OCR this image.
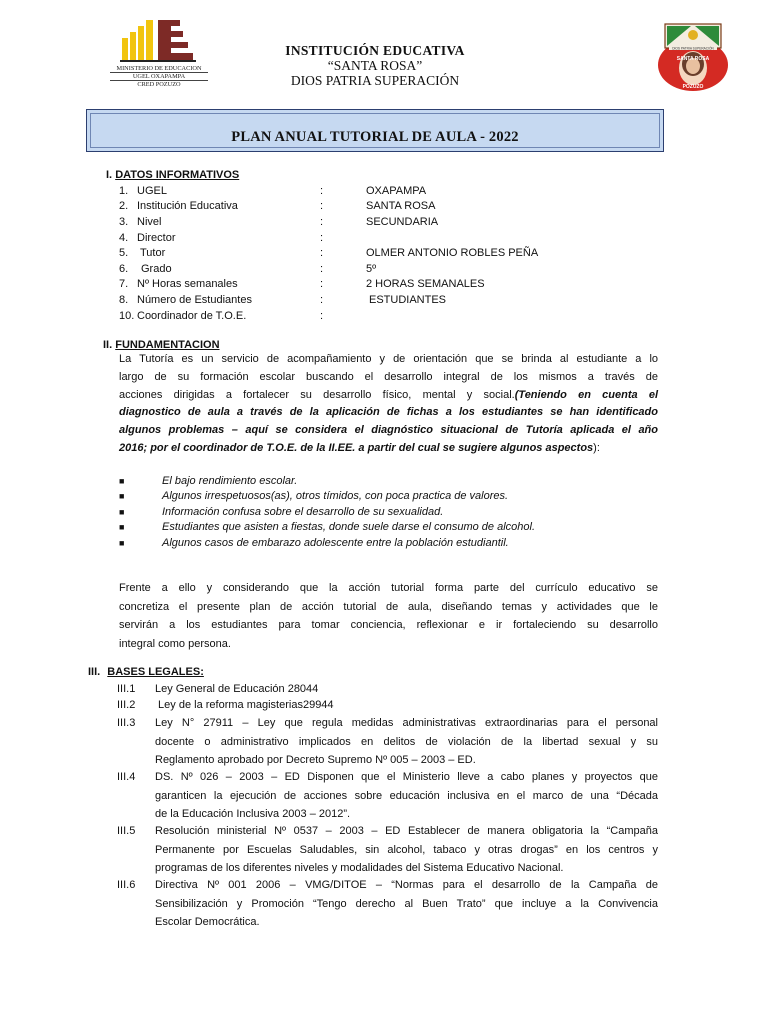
MINISTERIO DE EDUCACION
UGEL OXAPAMPA
CRED POZUZO
INSTITUCIÓN EDUCATIVA
“SANTA ROSA”
DIOS PATRIA SUPERACIÓN
DIOS PATRIA SUPERACIÓN
SANTA ROSA
POZUZO
PLAN ANUAL TUTORIAL DE AULA - 2022
I. DATOS INFORMATIVOS
1. UGEL	:	OXAPAMPA
2. Institución Educativa	:	SANTA ROSA
3. Nivel	:	SECUNDARIA
4. Director	:
5. Tutor	:	OLMER ANTONIO ROBLES PEÑA
6. Grado	:	5º
7. Nº Horas semanales	:	2 HORAS SEMANALES
8. Número de Estudiantes	:	ESTUDIANTES
10. Coordinador de T.O.E.	:
II. FUNDAMENTACION
La Tutoría es un servicio de acompañamiento y de orientación que se brinda al estudiante a lo
largo de su formación escolar buscando el desarrollo integral de los mismos a través de
acciones dirigidas a fortalecer su desarrollo físico, mental y social.(Teniendo en cuenta el
diagnostico de aula a través de la aplicación de fichas a los estudiantes se han identificado
algunos problemas – aquí se considera el diagnóstico situacional de Tutoría aplicada el año
2016; por el coordinador de T.O.E. de la II.EE. a partir del cual se sugiere algunos aspectos):
■	El bajo rendimiento escolar.
■	Algunos irrespetuosos(as), otros tímidos, con poca practica de valores.
■	Información confusa sobre el desarrollo de su sexualidad.
■	Estudiantes que asisten a fiestas, donde suele darse el consumo de alcohol.
■	Algunos casos de embarazo adolescente entre la población estudiantil.
Frente a ello y considerando que la acción tutorial forma parte del currículo educativo se
concretiza el presente plan de acción tutorial de aula, diseñando temas y actividades que le
servirán a los estudiantes para tomar conciencia, reflexionar e ir fortaleciendo su desarrollo
integral como persona.
III. BASES LEGALES:
III.1 Ley General de Educación 28044
III.2 Ley de la reforma magisterias29944
III.3 Ley N° 27911 – Ley que regula medidas administrativas extraordinarias para el personal
docente o administrativo implicados en delitos de violación de la libertad sexual y su
Reglamento aprobado por Decreto Supremo Nº 005 – 2003 – ED.
III.4 DS. Nº 026 – 2003 – ED Disponen que el Ministerio lleve a cabo planes y proyectos que
garanticen la ejecución de acciones sobre educación inclusiva en el marco de una “Década
de la Educación Inclusiva 2003 – 2012”.
III.5 Resolución ministerial Nº 0537 – 2003 – ED Establecer de manera obligatoria la “Campaña
Permanente por Escuelas Saludables, sin alcohol, tabaco y otras drogas” en los centros y
programas de los diferentes niveles y modalidades del Sistema Educativo Nacional.
III.6 Directiva Nº 001 2006 – VMG/DITOE – “Normas para el desarrollo de la Campaña de
Sensibilización y Promoción “Tengo derecho al Buen Trato” que incluye a la Convivencia
Escolar Democrática.
